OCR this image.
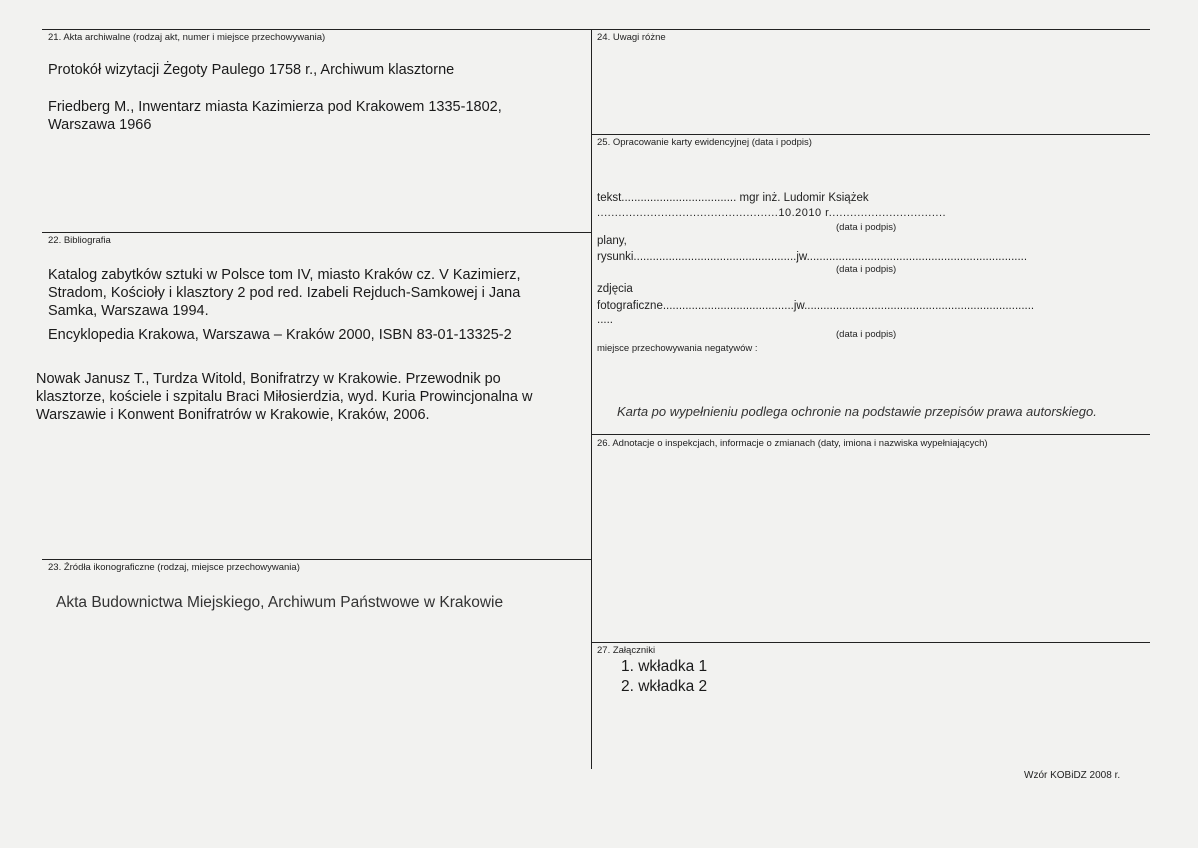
21. Akta archiwalne (rodzaj akt, numer i miejsce przechowywania)
Protokół wizytacji Żegoty Paulego 1758 r., Archiwum klasztorne
Friedberg M., Inwentarz miasta Kazimierza pod Krakowem 1335-1802,
Warszawa 1966
22. Bibliografia
Katalog zabytków sztuki w Polsce tom IV, miasto Kraków cz. V Kazimierz,
Stradom, Kościoły i klasztory 2 pod red. Izabeli Rejduch-Samkowej i Jana
Samka, Warszawa 1994.
Encyklopedia Krakowa, Warszawa – Kraków 2000, ISBN 83-01-13325-2
Nowak Janusz T., Turdza Witold, Bonifratrzy w Krakowie. Przewodnik po
klasztorze, kościele i szpitalu Braci Miłosierdzia, wyd. Kuria Prowincjonalna w
Warszawie i Konwent Bonifratrów w Krakowie, Kraków, 2006.
23. Źródła ikonograficzne (rodzaj, miejsce przechowywania)
Akta Budownictwa Miejskiego, Archiwum Państwowe w Krakowie
24. Uwagi różne
25. Opracowanie karty ewidencyjnej (data i podpis)
tekst.................................... mgr inż. Ludomir Książek
...................................................10.2010 r.................................
(data i podpis)
plany,
rysunki...................................................jw.....................................................................
(data i podpis)
zdjęcia
fotograficzne.........................................jw........................................................................
.....
(data i podpis)
miejsce przechowywania negatywów :
Karta po wypełnieniu podlega ochronie na podstawie przepisów prawa autorskiego.
26. Adnotacje o inspekcjach, informacje o zmianach (daty, imiona i nazwiska wypełniających)
27. Załączniki
1. wkładka 1
2. wkładka 2
Wzór KOBiDZ 2008 r.
